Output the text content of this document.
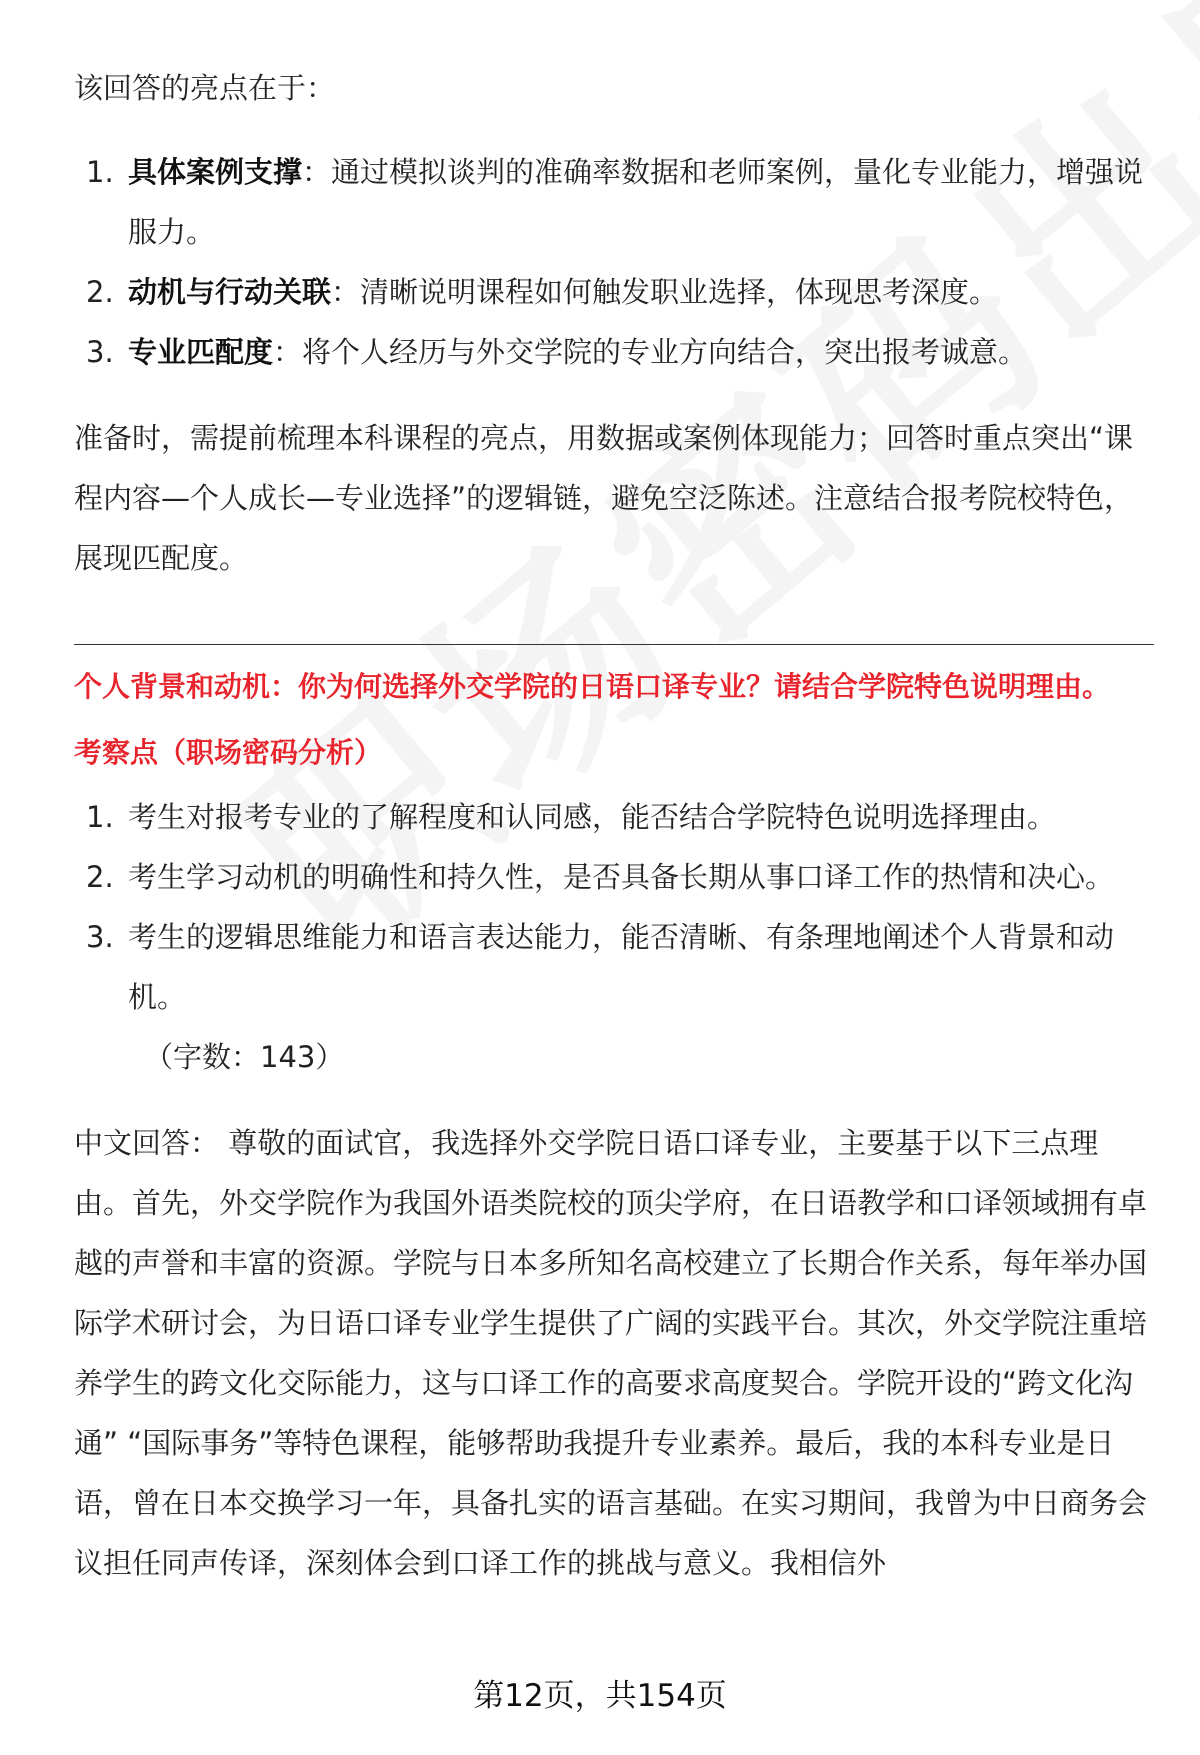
该回答的亮点在于：

1. 具体案例支撑：通过模拟谈判的准确率数据和老师案例，量化专业能力，增强说服力。
2. 动机与行动关联：清晰说明课程如何触发职业选择，体现思考深度。
3. 专业匹配度：将个人经历与外交学院的专业方向结合，突出报考诚意。

准备时，需提前梳理本科课程的亮点，用数据或案例体现能力；回答时重点突出“课程内容—个人成长—专业选择”的逻辑链，避免空泛陈述。注意结合报考院校特色，展现匹配度。

个人背景和动机：你为何选择外交学院的日语口译专业？请结合学院特色说明理由。

考察点（职场密码分析）

1. 考生对报考专业的了解程度和认同感，能否结合学院特色说明选择理由。
2. 考生学习动机的明确性和持久性，是否具备长期从事口译工作的热情和决心。
3. 考生的逻辑思维能力和语言表达能力，能否清晰、有条理地阐述个人背景和动机。
（字数：143）

中文回答： 尊敬的面试官，我选择外交学院日语口译专业，主要基于以下三点理由。首先，外交学院作为我国外语类院校的顶尖学府，在日语教学和口译领域拥有卓越的声誉和丰富的资源。学院与日本多所知名高校建立了长期合作关系，每年举办国际学术研讨会，为日语口译专业学生提供了广阔的实践平台。其次，外交学院注重培养学生的跨文化交际能力，这与口译工作的高要求高度契合。学院开设的“跨文化沟通” “国际事务”等特色课程，能够帮助我提升专业素养。最后，我的本科专业是日语，曾在日本交换学习一年，具备扎实的语言基础。在实习期间，我曾为中日商务会议担任同声传译，深刻体会到口译工作的挑战与意义。我相信外

第12页，共154页
